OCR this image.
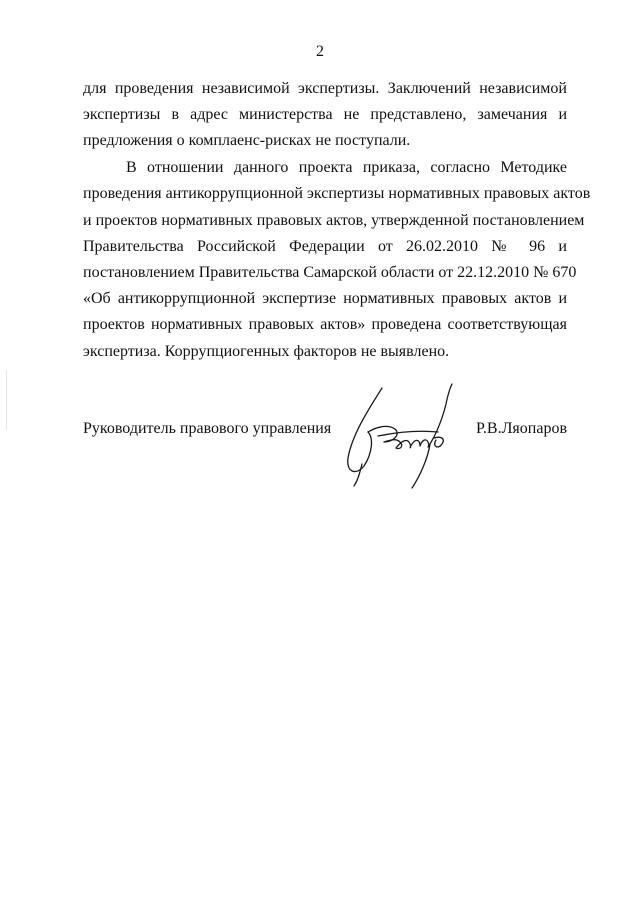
2

для проведения независимой экспертизы. Заключений независимой
экспертизы в адрес министерства не представлено, замечания и
предложения о комплаенс-рисках не поступали.

В отношении данного проекта приказа, согласно Методике
проведения антикоррупционной экспертизы нормативных правовых актов
и проектов нормативных правовых актов, утвержденной постановлением
Правительства Российской Федерации от 26.02.2010 № 96 и
постановлением Правительства Самарской области от 22.12.2010 № 670
«Об антикоррупционной экспертизе нормативных правовых актов и
проектов нормативных правовых актов» проведена соответствующая
экспертиза. Коррупциогенных факторов не выявлено.

Руководитель правового управления	Р.В.Ляопаров
